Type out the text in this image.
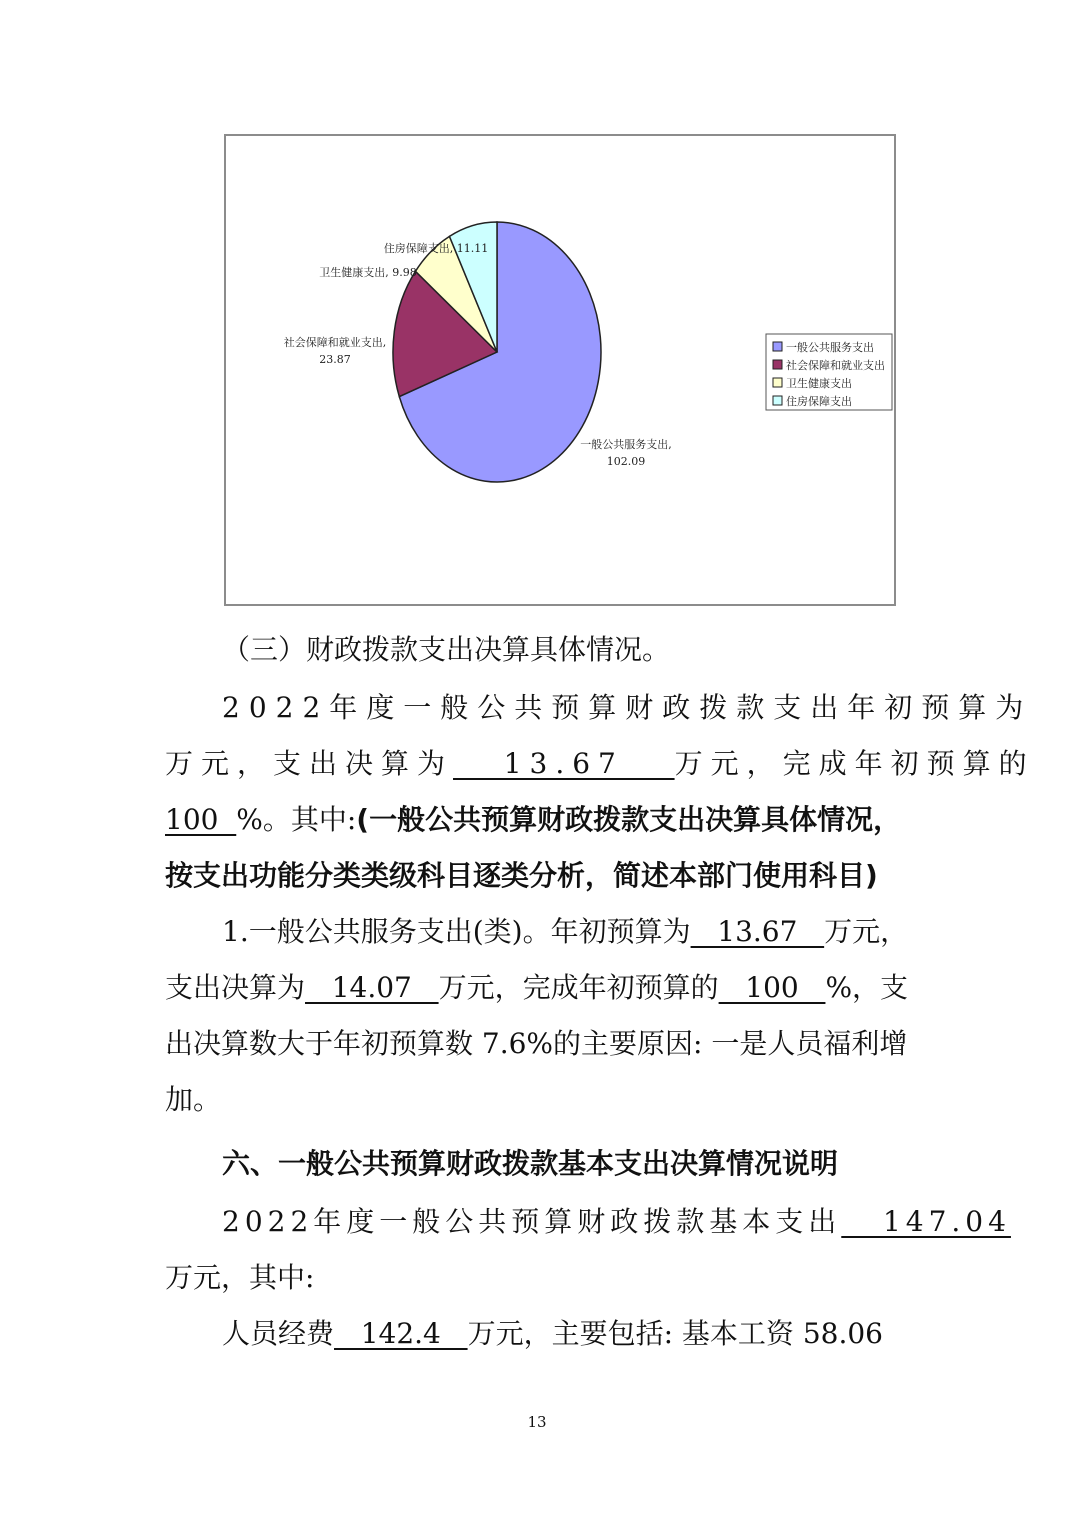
一般公共服务支出,
102.09
社会保障和就业支出,
23.87
卫生健康支出, 9.98
住房保障支出, 11.11
一般公共服务支出
社会保障和就业支出
卫生健康支出
住房保障支出
（三）财政拨款支出决算具体情况。
2022年度一般公共预算财政拨款支出年初预算为
万元，支出决算为   13.67   万元，完成年初预算的
100  %。其中:(一般公共预算财政拨款支出决算具体情况，
按支出功能分类类级科目逐类分析，简述本部门使用科目)
1.一般公共服务支出(类)。年初预算为   13.67   万元，
支出决算为   14.07   万元，完成年初预算的   100   %，支
出决算数大于年初预算数 7.6%的主要原因: 一是人员福利增
加。
六、一般公共预算财政拨款基本支出决算情况说明
2022年度一般公共预算财政拨款基本支出   147.04
万元，其中:
人员经费   142.4   万元，主要包括: 基本工资 58.06
13
